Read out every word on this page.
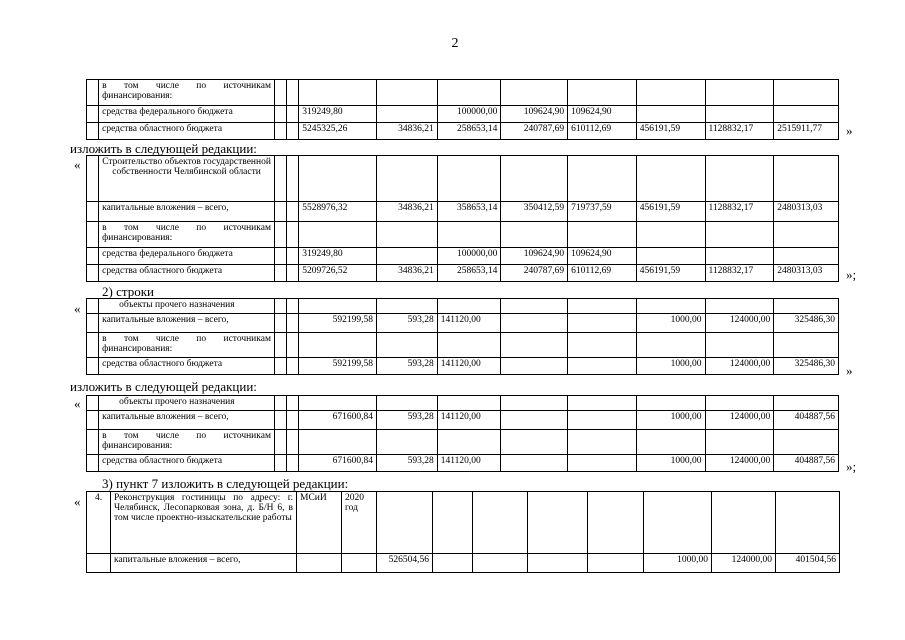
2
	в том числе по источникам финансирования:										
	средства федерального бюджета			319249,80		100000,00	109624,90	109624,90			
	средства областного бюджета			5245325,26	34836,21	258653,14	240787,69	610112,69	456191,59	1128832,17	2515911,77 »
изложить в следующей редакции:
«
	Строительство объектов государственной собственности Челябинской области										
	капитальные вложения – всего,			5528976,32	34836,21	358653,14	350412,59	719737,59	456191,59	1128832,17	2480313,03
	в том числе по источникам финансирования:										
	средства федерального бюджета			319249,80		100000,00	109624,90	109624,90			
	средства областного бюджета			5209726,52	34836,21	258653,14	240787,69	610112,69	456191,59	1128832,17	2480313,03 »;
2) строки
«
		объекты прочего назначения										
	капитальные вложения – всего,			592199,58	593,28	141120,00			1000,00	124000,00	325486,30
	в том числе по источникам финансирования:										
	средства областного бюджета			592199,58	593,28	141120,00			1000,00	124000,00	325486,30 »
изложить в следующей редакции:
«
		объекты прочего назначения										
	капитальные вложения – всего,			671600,84	593,28	141120,00			1000,00	124000,00	404887,56
	в том числе по источникам финансирования:										
	средства областного бюджета			671600,84	593,28	141120,00			1000,00	124000,00	404887,56 »;
3) пункт 7 изложить в следующей редакции:
« 4.	Реконструкция гостиницы по адресу: г. Челябинск, Лесопарковая зона, д. Б/Н 6, в том числе проектно-изыскательские работы	МСиИ	2020 год								
	капитальные вложения – всего,			526504,56					1000,00	124000,00	401504,56
